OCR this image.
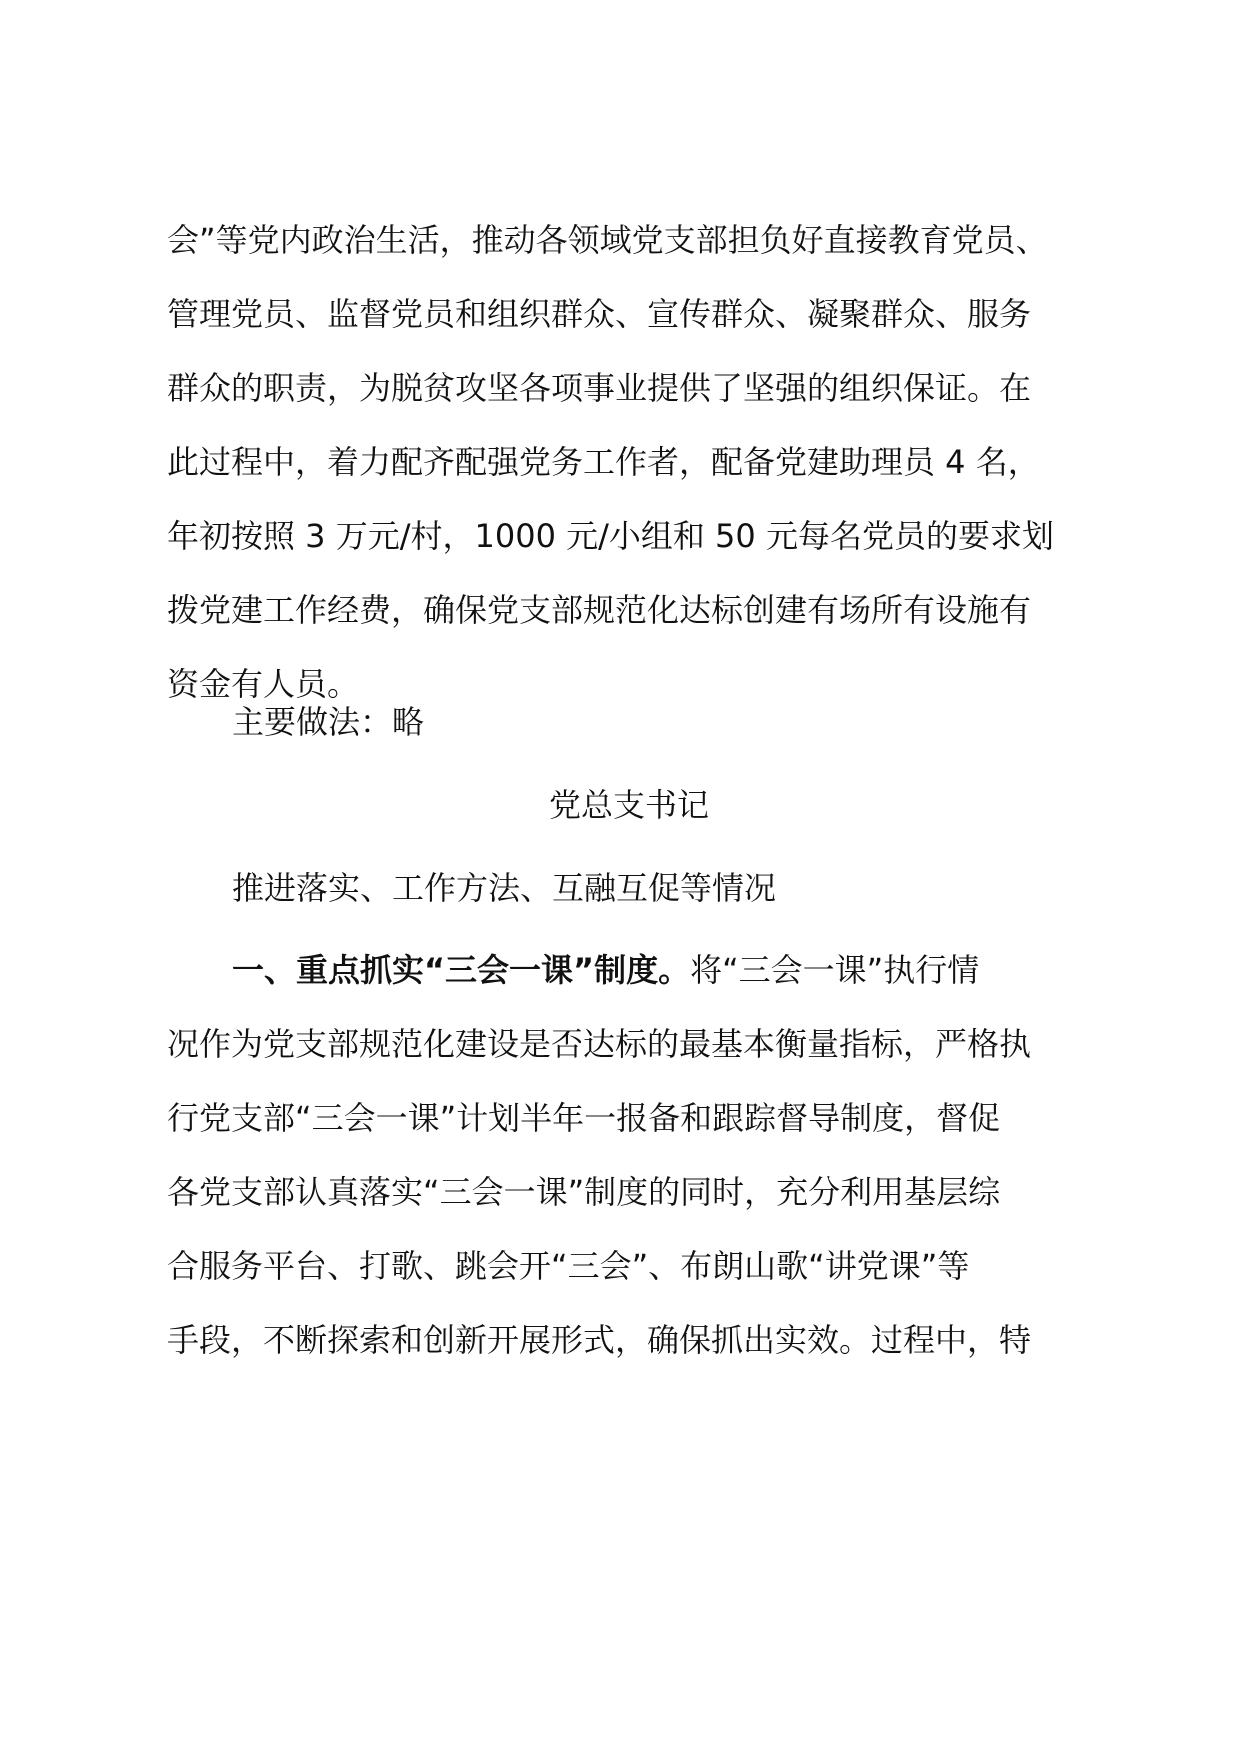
会”等党内政治生活，推动各领域党支部担负好直接教育党员、
管理党员、监督党员和组织群众、宣传群众、凝聚群众、服务
群众的职责，为脱贫攻坚各项事业提供了坚强的组织保证。在
此过程中，着力配齐配强党务工作者，配备党建助理员 4 名，
年初按照 3 万元/村，1000 元/小组和 50 元每名党员的要求划
拨党建工作经费，确保党支部规范化达标创建有场所有设施有
资金有人员。
主要做法：略
党总支书记
推进落实、工作方法、互融互促等情况
一、重点抓实“三会一课”制度。将“三会一课”执行情
况作为党支部规范化建设是否达标的最基本衡量指标，严格执
行党支部“三会一课”计划半年一报备和跟踪督导制度，督促
各党支部认真落实“三会一课”制度的同时，充分利用基层综
合服务平台、打歌、跳会开“三会”、布朗山歌“讲党课”等
手段，不断探索和创新开展形式，确保抓出实效。过程中，特
